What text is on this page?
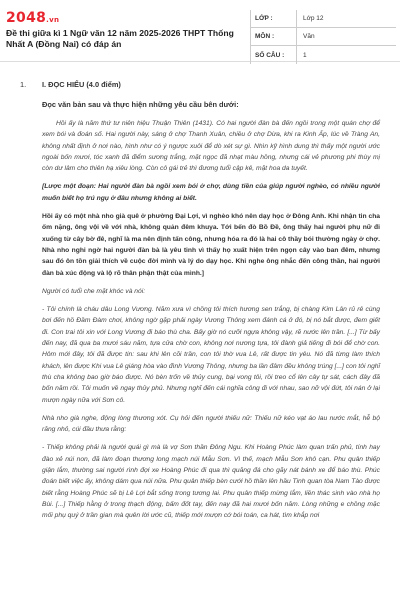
2048.vn
Đề thi giữa kì 1 Ngữ văn 12 năm 2025-2026 THPT Thống Nhất A (Đồng Nai) có đáp án
LỚP :	Lớp 12
MÔN :	Văn
SỐ CÂU :	1
1.	I. ĐỌC HIỂU (4.0 điểm)
Đọc văn bản sau và thực hiện những yêu cầu bên dưới:

Hồi ấy là năm thứ tư niên hiệu Thuận Thiên (1431). Có hai người đàn bà đến ngồi trong một quán chợ để xem bói và đoán số. Hai người này, sáng ở chợ Thanh Xuân, chiều ở chợ Dừa, khi ra Kinh Ấp, lúc về Tràng An, không nhất định ở nơi nào, hình như có ý ngược xuôi để dò xét sự gì. Nhìn kỹ hình dung thì thấy một người ước ngoài bốn mươi, tóc xanh đã điểm sương trắng, mặt ngọc đã nhạt màu hồng, nhưng cái vẻ phương phi thùy mị còn dư lâm cho thiên hạ xiêu lòng. Còn cô gái trẻ thì đương tuổi cập kê, mặt hoa da tuyết.

[Lược một đoạn: Hai người đàn bà ngồi xem bói ở chợ, dùng tiền của giúp người nghèo, có nhiều người muốn biết họ trú ngụ ở đâu nhưng không ai biết.

Hồi ấy có một nhà nho già quê ở phường Đại Lợi, vì nghèo khó nên dạy học ở Đông Anh. Khi nhận tin cha ốm nặng, ông vội về với nhà, không quản đêm khuya. Tới bến đò Bồ Đề, ông thấy hai người phụ nữ đi xuống từ cây bờ đê, nghĩ là ma nên định tấn công, nhưng hóa ra đó là hai cô thầy bói thường ngày ở chợ. Nhà nho nghi ngờ hai người đàn bà là yêu tinh vì thấy họ xuất hiện trên ngọn cây vào ban đêm, nhưng sau đó ôn tồn giải thích về cuộc đời mình và lý do dạy học. Khi nghe ông nhắc đến công thần, hai người đàn bà xúc động và lộ rõ thân phận thật của mình.]

Người có tuổi che mặt khóc và nói:

- Tôi chính là cháu dâu Long Vương. Năm xưa vì chồng tôi thích hương sen trắng, bị chàng Kim Lân rủ rê cùng bơi đến hồ Đầm Đàm chơi, không ngờ gặp phải ngày Vương Thông xem đánh cá ở đó, bị nó bắt được, đem giết đi. Con trai tôi xin với Long Vương đi báo thù cha. Bấy giờ nó cưỡi ngựa không vậy, rẽ nước lên trần. [...] Từ bấy đến nay, đã qua ba mươi sáu năm, tựa cửa chờ con, không nơi nương tựa, tôi đành giả tiếng đi bói để chờ con. Hôm mới đây, tôi đã được tin: sau khi lên cõi trần, con tôi thờ vua Lê, rất được tin yêu. Nó đã từng làm thích khách, lên được Khi vua Lê giáng hòa vào đình Vương Thông, nhưng ba lần đâm đều không trúng [...] con tôi nghĩ thù cha không bao giờ báo được. Nó bèn trốn về thủy cung, bại vong tôi, rồi treo cổ lên cây tự sát, cách đây đã bốn năm rồi. Tôi muốn về ngay thủy phủ. Nhưng nghĩ đến cái nghĩa công đi với nhau, sao nỡ vội đứt, tôi nán ở lại mượn ngày nữa với Sơn cô.

Nhà nho già nghe, động lòng thương xót. Cụ hỏi đến người thiếu nữ: Thiếu nữ kéo vạt áo lau nước mắt, hễ bộ răng nhỏ, cúi đầu thưa rằng:

- Thiếp không phải là người quái gì mà là vợ Sơn thần Đông Ngu. Khi Hoàng Phúc làm quan trấn phủ, tính hay đào xẻ núi non, đã làm đoạn thương long mạch núi Mẫu Sơn. Vì thế, mạch Mẫu Sơn khô cạn. Phu quân thiếp giận lắm, thường sai người rình đợi xe Hoàng Phúc đi qua thì quăng đá cho gãy nát bánh xe để báo thù. Phúc đoán biết việc ấy, không dám qua núi nữa. Phu quân thiếp bèn cưới hồ thần lên hầu Tinh quan tòa Nam Tào được biết rằng Hoàng Phúc sẽ bị Lê Lợi bắt sống trong tương lai. Phu quân thiếp mừng lắm, liền thác sinh vào nhà họ Bùi. [...] Thiếp hằng ở trong thạch động, bấm đốt tay, đến nay đã hai mươi bốn năm. Lòng những e chồng mặc mối phụ quý ở trần gian mà quên lời ước cũ, thiếp mới mượn cớ bói toán, ca hát, tìm khắp nơi
